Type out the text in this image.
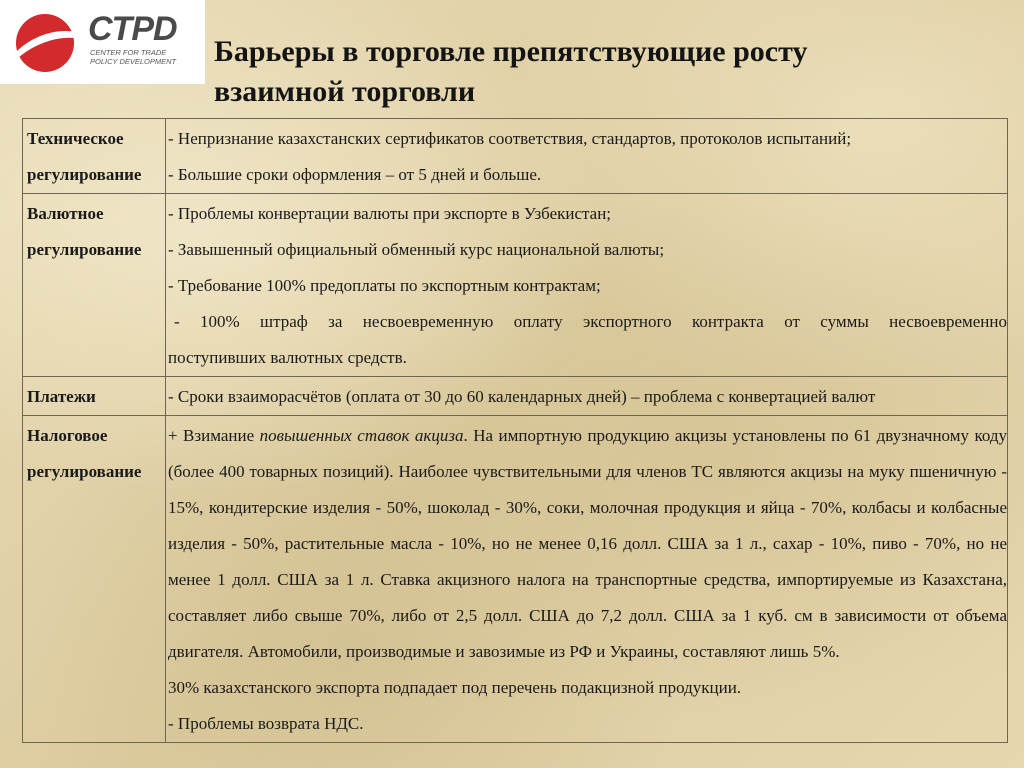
CTPD
CENTER FOR TRADE
POLICY DEVELOPMENT	Барьеры в торговле препятствующие росту
взаимной торговли
Техническое
регулирование	- Непризнание казахстанских сертификатов соответствия, стандартов, протоколов испытаний;
- Большие сроки оформления – от 5 дней и больше.

Валютное
регулирование	- Проблемы конвертации валюты при экспорте в Узбекистан;
- Завышенный официальный обменный курс национальной валюты;
- Требование 100% предоплаты по экспортным контрактам;
- 100% штраф за несвоевременную оплату экспортного контракта от суммы несвоевременно
поступивших валютных средств.

Платежи	- Сроки взаиморасчётов (оплата от 30 до 60 календарных дней) – проблема с конвертацией валют

Налоговое
регулирование	+ Взимание повышенных ставок акциза. На импортную продукцию акцизы установлены по 61 двузначному коду (более 400 товарных позиций). Наиболее чувствительными для членов ТС являются акцизы на муку пшеничную - 15%, кондитерские изделия - 50%, шоколад - 30%, соки, молочная продукция и яйца - 70%, колбасы и колбасные изделия - 50%, растительные масла - 10%, но не менее 0,16 долл. США за 1 л., сахар - 10%, пиво - 70%, но не менее 1 долл. США за 1 л. Ставка акцизного налога на транспортные средства, импортируемые из Казахстана, составляет либо свыше 70%, либо от 2,5 долл. США до 7,2 долл. США за 1 куб. см в зависимости от объема двигателя. Автомобили, производимые и завозимые из РФ и Украины, составляют лишь 5%.
30% казахстанского экспорта подпадает под перечень подакцизной продукции.
- Проблемы возврата НДС.
